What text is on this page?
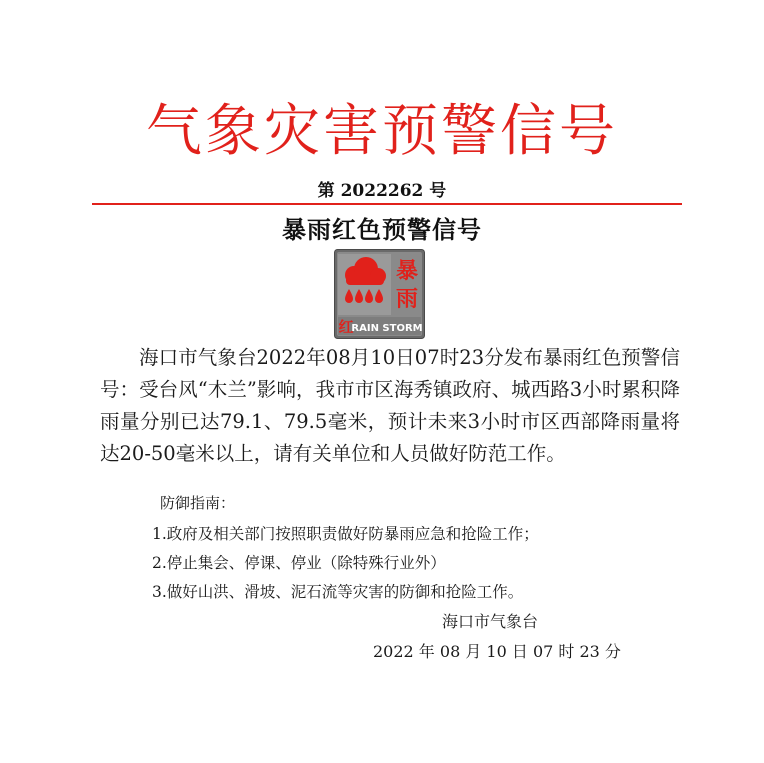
气象灾害预警信号
第 2022262 号
暴雨红色预警信号
暴
雨
红
RAIN STORM

海口市气象台2022年08月10日07时23分发布暴雨红色预警信号：受台风“木兰”影响，我市市区海秀镇政府、城西路3小时累积降雨量分别已达79.1、79.5毫米，预计未来3小时市区西部降雨量将达20-50毫米以上，请有关单位和人员做好防范工作。

防御指南：
1.政府及相关部门按照职责做好防暴雨应急和抢险工作；
2.停止集会、停课、停业（除特殊行业外）
3.做好山洪、滑坡、泥石流等灾害的防御和抢险工作。
海口市气象台
2022 年 08 月 10 日 07 时 23 分
